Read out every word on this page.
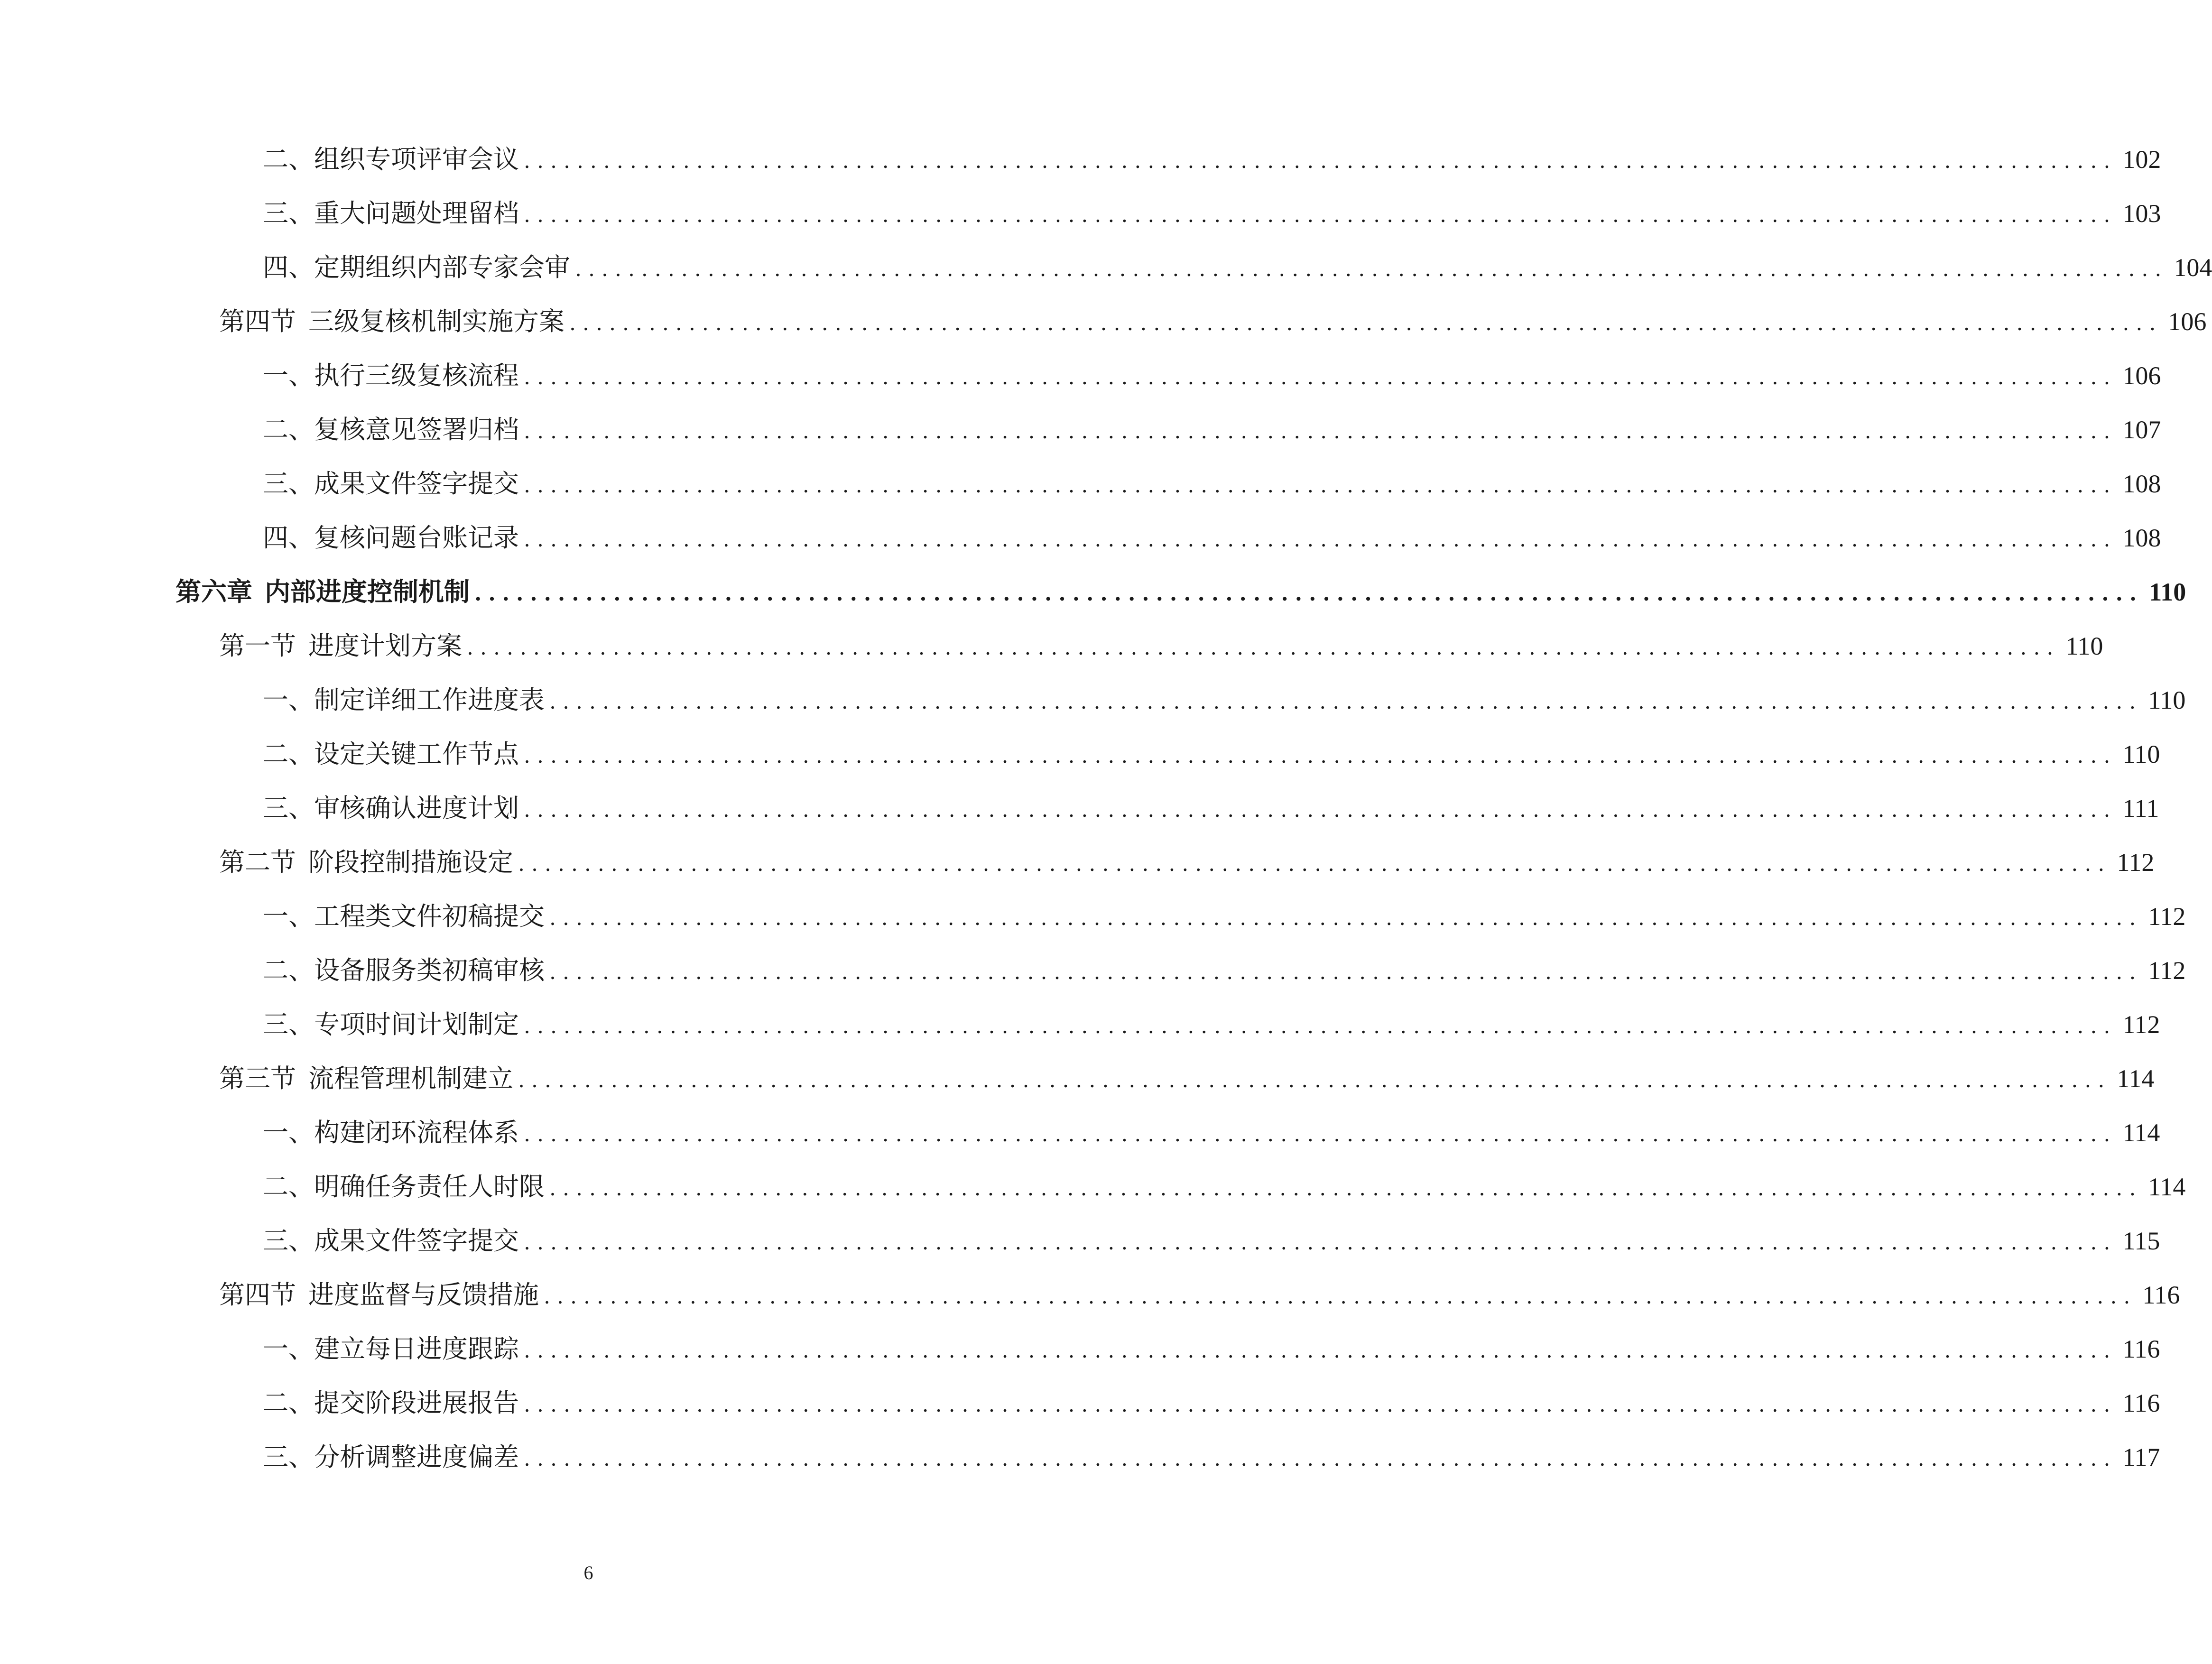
二、组织专项评审会议 ........................................................................................................................ 102
三、重大问题处理留档 ........................................................................................................................ 103
四、定期组织内部专家会审 ........................................................................................................................ 104
第四节 三级复核机制实施方案 ........................................................................................................................ 106
一、执行三级复核流程 ........................................................................................................................ 106
二、复核意见签署归档 ........................................................................................................................ 107
三、成果文件签字提交 ........................................................................................................................ 108
四、复核问题台账记录 ........................................................................................................................ 108
第六章 内部进度控制机制 ........................................................................................................................ 110
第一节 进度计划方案 ........................................................................................................................ 110
一、制定详细工作进度表 ........................................................................................................................ 110
二、设定关键工作节点 ........................................................................................................................ 110
三、审核确认进度计划 ........................................................................................................................ 111
第二节 阶段控制措施设定 ........................................................................................................................ 112
一、工程类文件初稿提交 ........................................................................................................................ 112
二、设备服务类初稿审核 ........................................................................................................................ 112
三、专项时间计划制定 ........................................................................................................................ 112
第三节 流程管理机制建立 ........................................................................................................................ 114
一、构建闭环流程体系 ........................................................................................................................ 114
二、明确任务责任人时限 ........................................................................................................................ 114
三、成果文件签字提交 ........................................................................................................................ 115
第四节 进度监督与反馈措施 ........................................................................................................................ 116
一、建立每日进度跟踪 ........................................................................................................................ 116
二、提交阶段进展报告 ........................................................................................................................ 116
三、分析调整进度偏差 ........................................................................................................................ 117
6
